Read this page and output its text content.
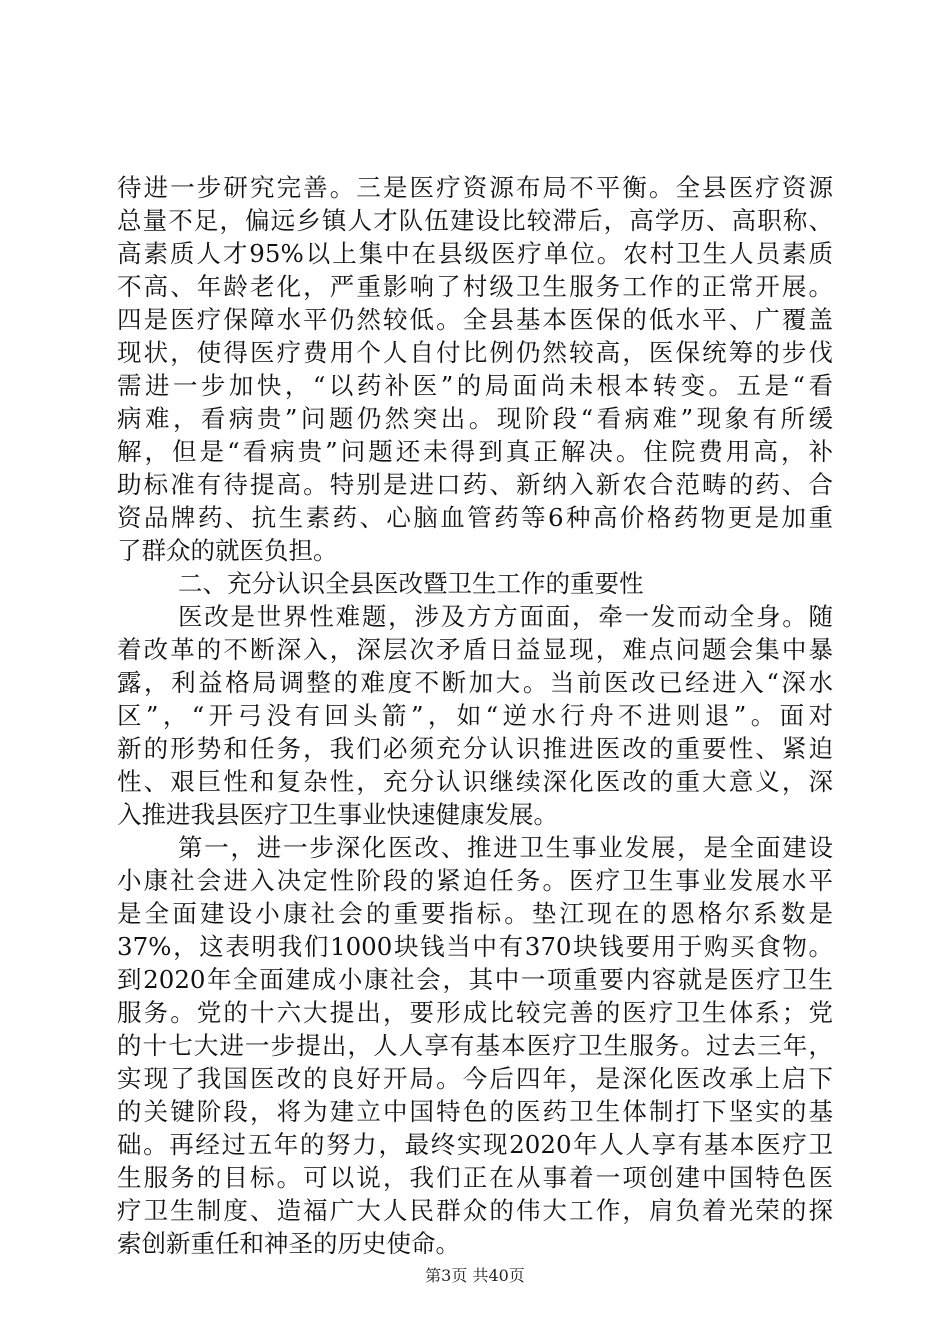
待进一步研究完善。三是医疗资源布局不平衡。全县医疗资源
总量不足，偏远乡镇人才队伍建设比较滞后，高学历、高职称、
高素质人才95%以上集中在县级医疗单位。农村卫生人员素质
不高、年龄老化，严重影响了村级卫生服务工作的正常开展。
四是医疗保障水平仍然较低。全县基本医保的低水平、广覆盖
现状，使得医疗费用个人自付比例仍然较高，医保统筹的步伐
需进一步加快，“以药补医”的局面尚未根本转变。五是“看
病难，看病贵”问题仍然突出。现阶段“看病难”现象有所缓
解，但是“看病贵”问题还未得到真正解决。住院费用高，补
助标准有待提高。特别是进口药、新纳入新农合范畴的药、合
资品牌药、抗生素药、心脑血管药等6种高价格药物更是加重
了群众的就医负担。
二、充分认识全县医改暨卫生工作的重要性
医改是世界性难题，涉及方方面面，牵一发而动全身。随
着改革的不断深入，深层次矛盾日益显现，难点问题会集中暴
露，利益格局调整的难度不断加大。当前医改已经进入“深水
区”，“开弓没有回头箭”，如“逆水行舟不进则退”。面对
新的形势和任务，我们必须充分认识推进医改的重要性、紧迫
性、艰巨性和复杂性，充分认识继续深化医改的重大意义，深
入推进我县医疗卫生事业快速健康发展。
第一，进一步深化医改、推进卫生事业发展，是全面建设
小康社会进入决定性阶段的紧迫任务。医疗卫生事业发展水平
是全面建设小康社会的重要指标。垫江现在的恩格尔系数是
37%，这表明我们1000块钱当中有370块钱要用于购买食物。
到2020年全面建成小康社会，其中一项重要内容就是医疗卫生
服务。党的十六大提出，要形成比较完善的医疗卫生体系；党
的十七大进一步提出，人人享有基本医疗卫生服务。过去三年，
实现了我国医改的良好开局。今后四年，是深化医改承上启下
的关键阶段，将为建立中国特色的医药卫生体制打下坚实的基
础。再经过五年的努力，最终实现2020年人人享有基本医疗卫
生服务的目标。可以说，我们正在从事着一项创建中国特色医
疗卫生制度、造福广大人民群众的伟大工作，肩负着光荣的探
索创新重任和神圣的历史使命。
第3页 共40页
